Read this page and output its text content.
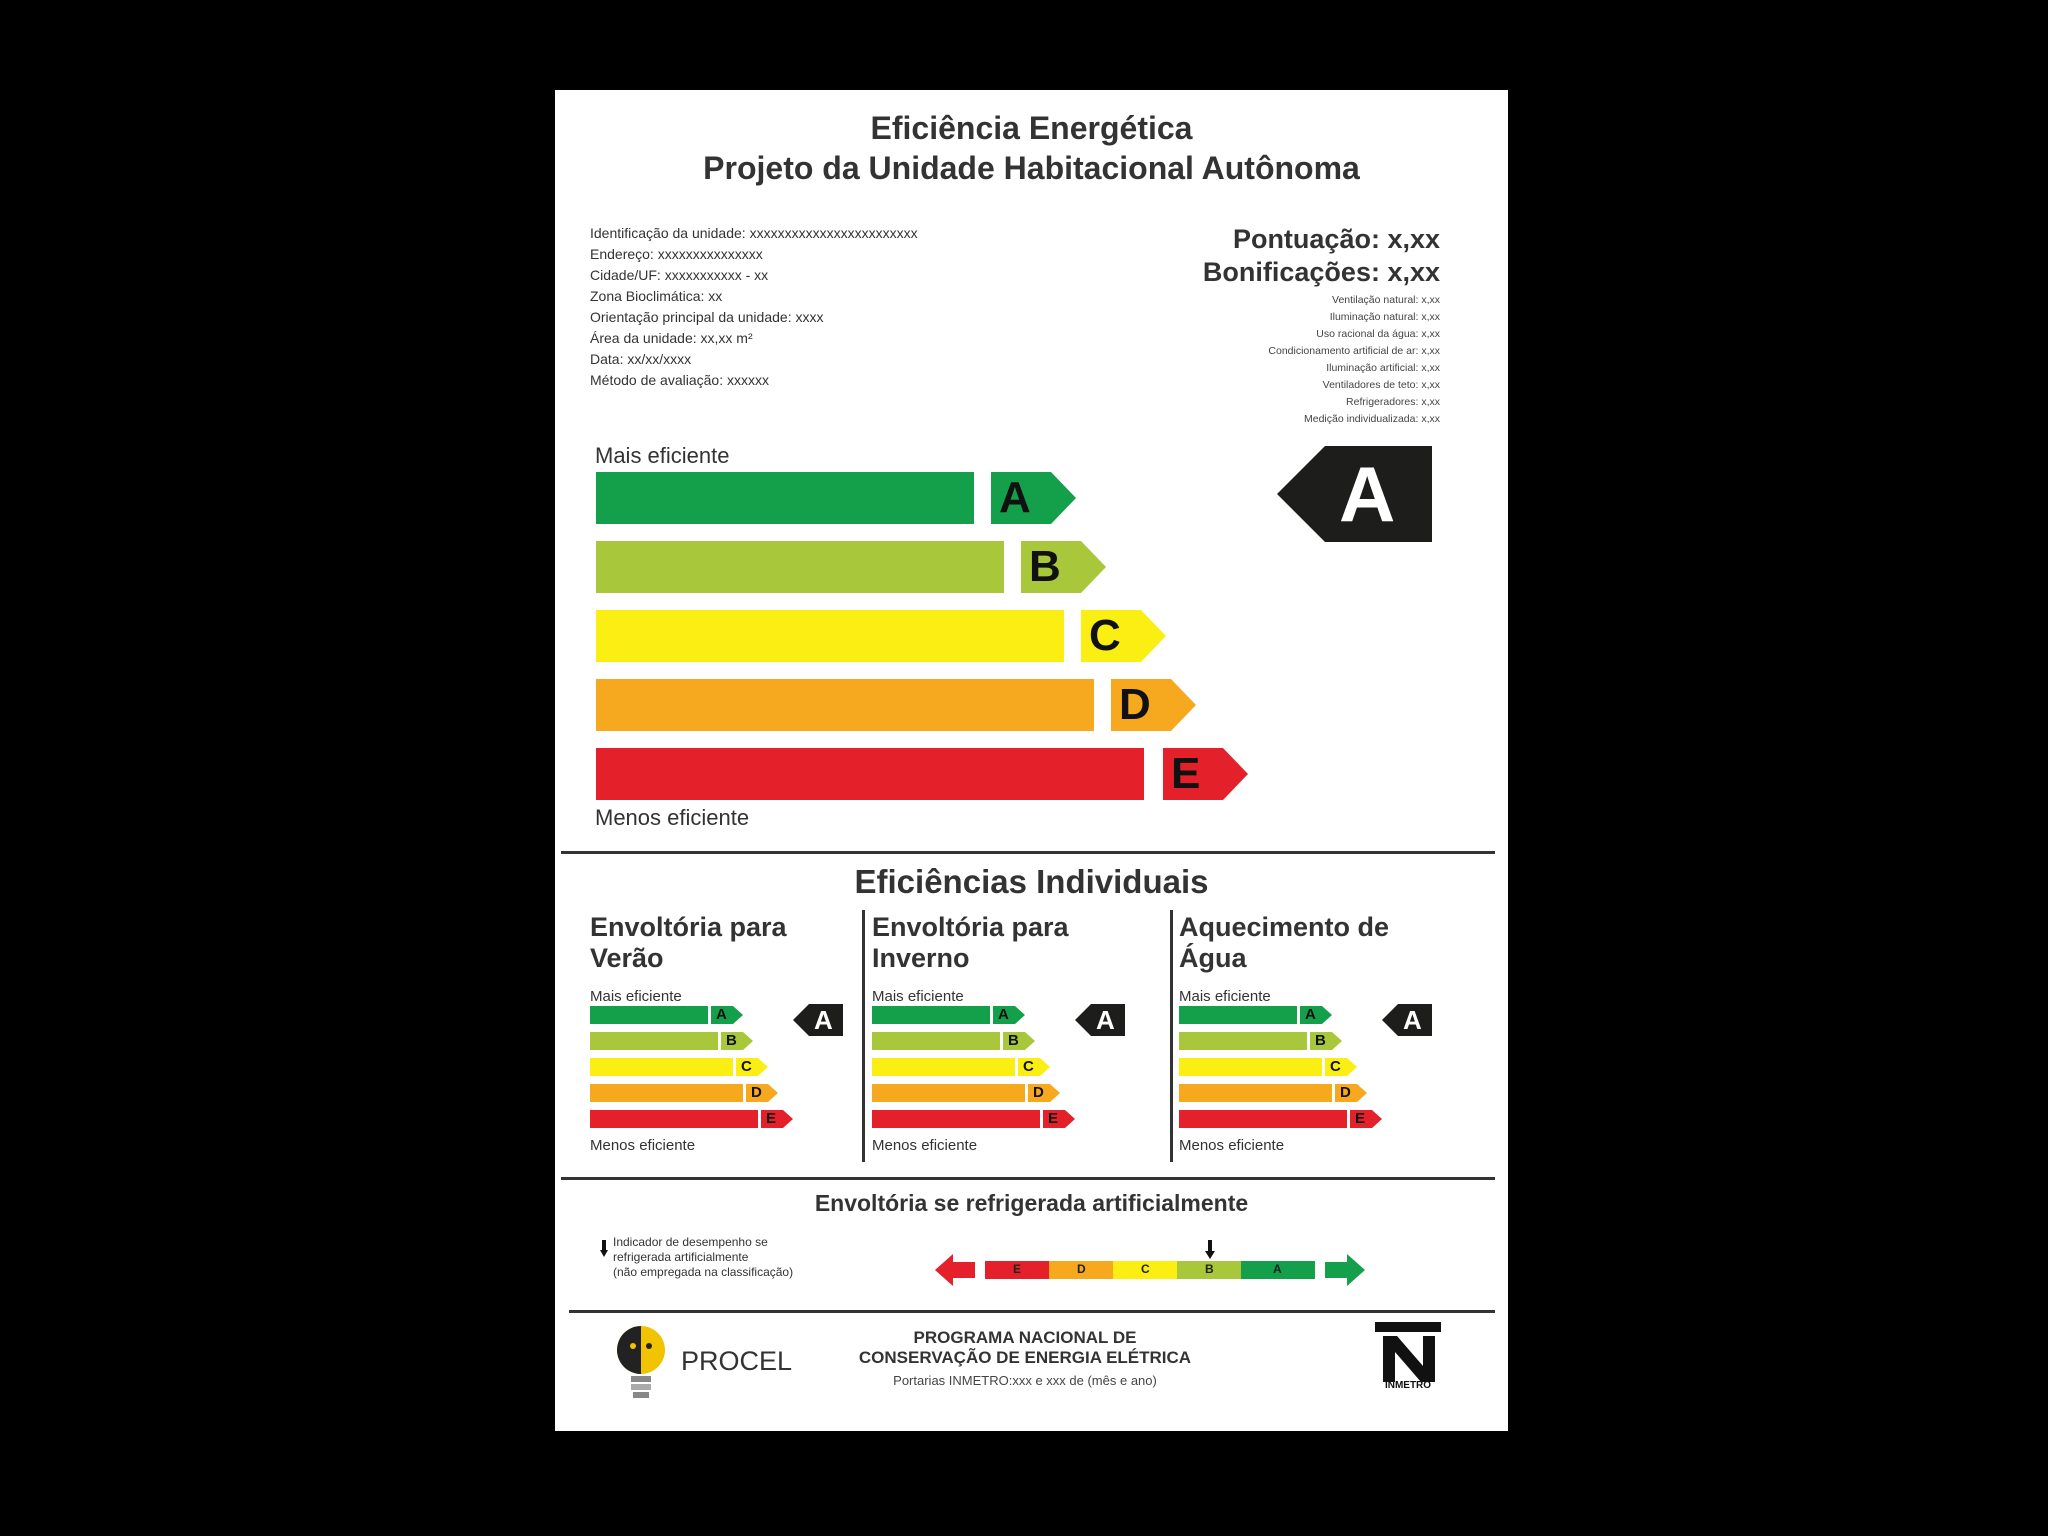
Eficiência Energética
Projeto da Unidade Habitacional Autônoma
Identificação da unidade: xxxxxxxxxxxxxxxxxxxxxxxx
Endereço: xxxxxxxxxxxxxxx
Cidade/UF: xxxxxxxxxxx - xx
Zona Bioclimática: xx
Orientação principal da unidade: xxxx
Área da unidade: xx,xx m²
Data: xx/xx/xxxx
Método de avaliação: xxxxxx
Pontuação: x,xx
Bonificações: x,xx
Ventilação natural: x,xx
Iluminação natural: x,xx
Uso racional da água: x,xx
Condicionamento artificial de ar: x,xx
Iluminação artificial: x,xx
Ventiladores de teto: x,xx
Refrigeradores: x,xx
Medição individualizada: x,xx
Mais eficiente
A
B
C
D
E
Menos eficiente
A
Eficiências Individuais
Envoltória para
Verão
Mais eficiente
A
B
C
D
E
Menos eficiente
A
Envoltória para
Inverno
Mais eficiente
A
B
C
D
E
Menos eficiente
A
Aquecimento de
Água
Mais eficiente
A
B
C
D
E
Menos eficiente
A
Envoltória se refrigerada artificialmente
Indicador de desempenho se
refrigerada artificialmente
(não empregada na classificação)	E	D	C	B	A
PROCEL
PROGRAMA NACIONAL DE
CONSERVAÇÃO DE ENERGIA ELÉTRICA
Portarias INMETRO:xxx e xxx de (mês e ano)	INMETRO
